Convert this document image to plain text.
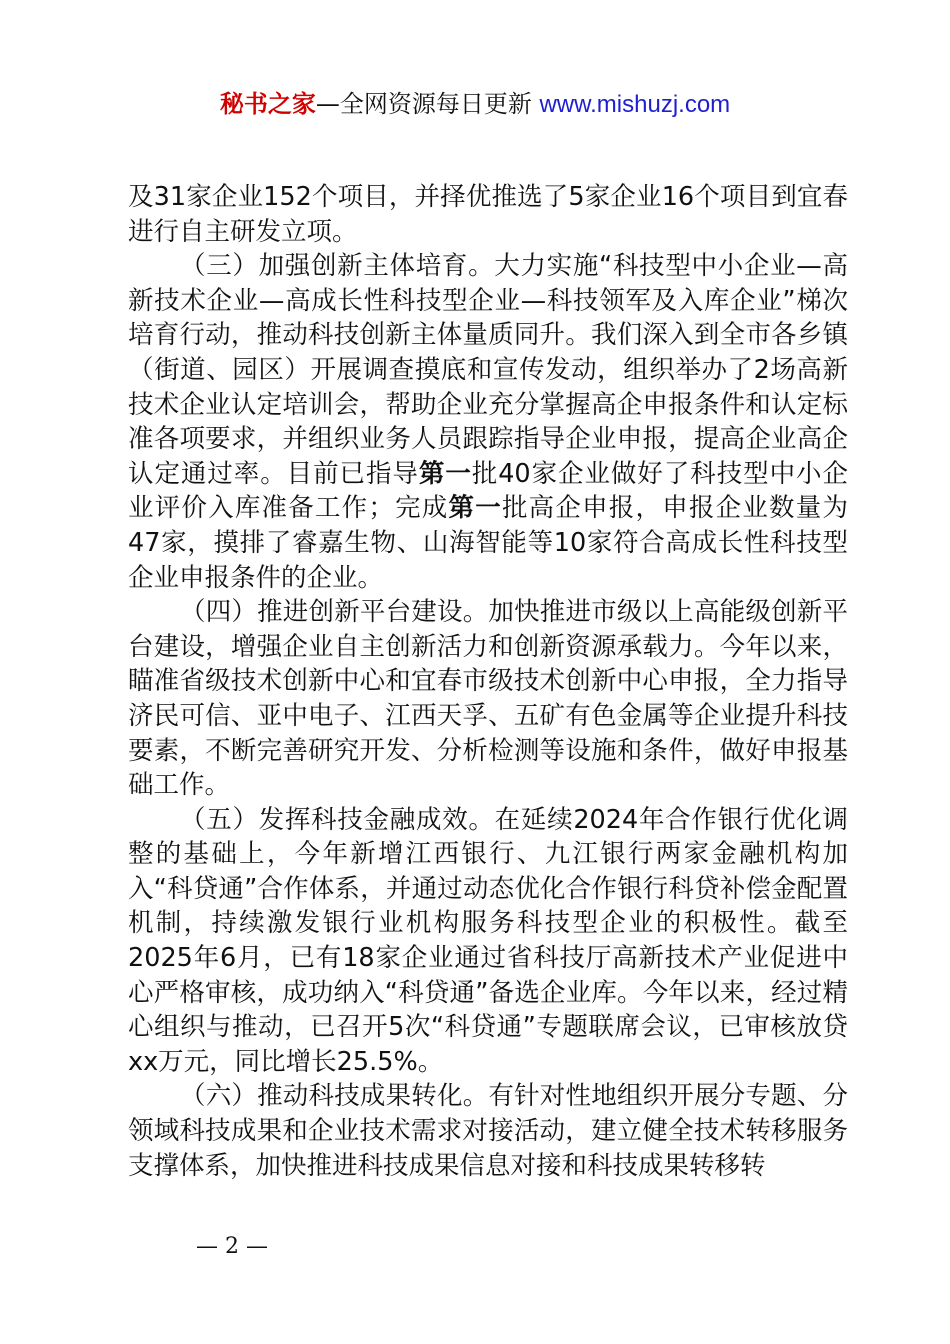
秘书之家—全网资源每日更新 www.mishuzj.com

及31家企业152个项目，并择优推选了5家企业16个项目到宜春进行自主研发立项。

（三）加强创新主体培育。大力实施“科技型中小企业—高新技术企业—高成长性科技型企业—科技领军及入库企业”梯次培育行动，推动科技创新主体量质同升。我们深入到全市各乡镇（街道、园区）开展调查摸底和宣传发动，组织举办了2场高新技术企业认定培训会，帮助企业充分掌握高企申报条件和认定标准各项要求，并组织业务人员跟踪指导企业申报，提高企业高企认定通过率。目前已指导第一批40家企业做好了科技型中小企业评价入库准备工作；完成第一批高企申报，申报企业数量为47家，摸排了睿嘉生物、山海智能等10家符合高成长性科技型企业申报条件的企业。

（四）推进创新平台建设。加快推进市级以上高能级创新平台建设，增强企业自主创新活力和创新资源承载力。今年以来，瞄准省级技术创新中心和宜春市级技术创新中心申报，全力指导济民可信、亚中电子、江西天孚、五矿有色金属等企业提升科技要素，不断完善研究开发、分析检测等设施和条件，做好申报基础工作。

（五）发挥科技金融成效。在延续2024年合作银行优化调整的基础上，今年新增江西银行、九江银行两家金融机构加入“科贷通”合作体系，并通过动态优化合作银行科贷补偿金配置机制，持续激发银行业机构服务科技型企业的积极性。截至2025年6月，已有18家企业通过省科技厅高新技术产业促进中心严格审核，成功纳入“科贷通”备选企业库。今年以来，经过精心组织与推动，已召开5次“科贷通”专题联席会议，已审核放贷xx万元，同比增长25.5%。

（六）推动科技成果转化。有针对性地组织开展分专题、分领域科技成果和企业技术需求对接活动，建立健全技术转移服务支撑体系，加快推进科技成果信息对接和科技成果转移转

— 2 —
